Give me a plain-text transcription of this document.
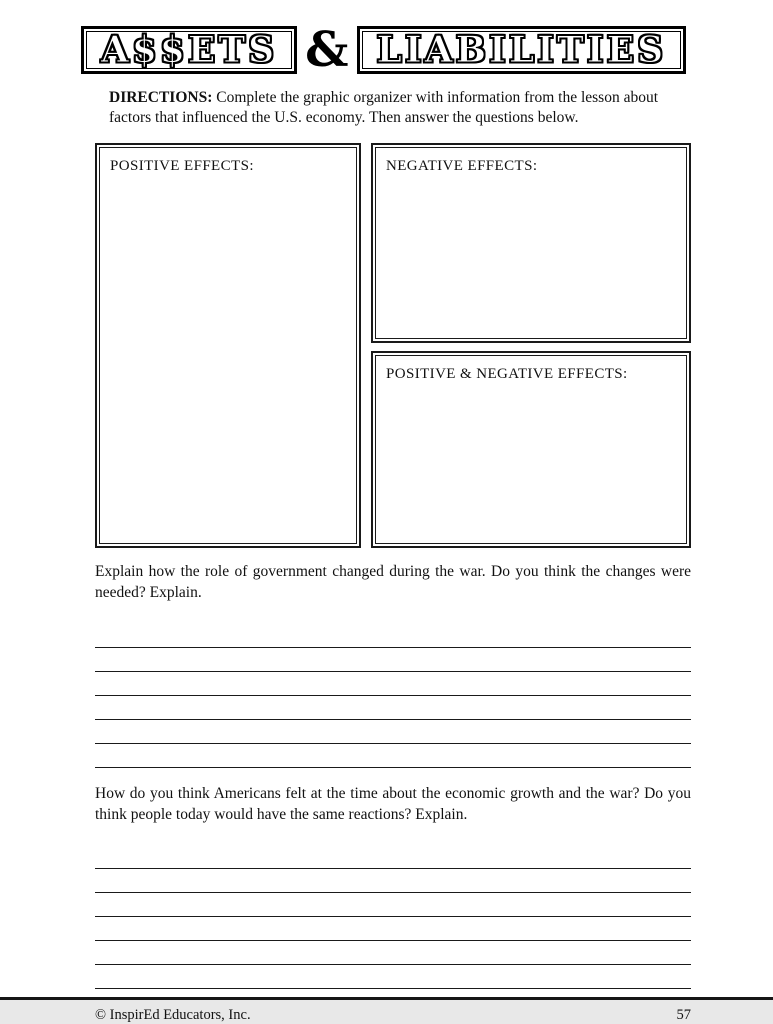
A$$ETS & LIABILITIES

DIRECTIONS: Complete the graphic organizer with information from the lesson about factors that influenced the U.S. economy. Then answer the questions below.

POSITIVE EFFECTS:	NEGATIVE EFFECTS:
POSITIVE & NEGATIVE EFFECTS:

Explain how the role of government changed during the war. Do you think the changes were needed? Explain.

How do you think Americans felt at the time about the economic growth and the war? Do you think people today would have the same reactions? Explain.

© InspirEd Educators, Inc.	57
